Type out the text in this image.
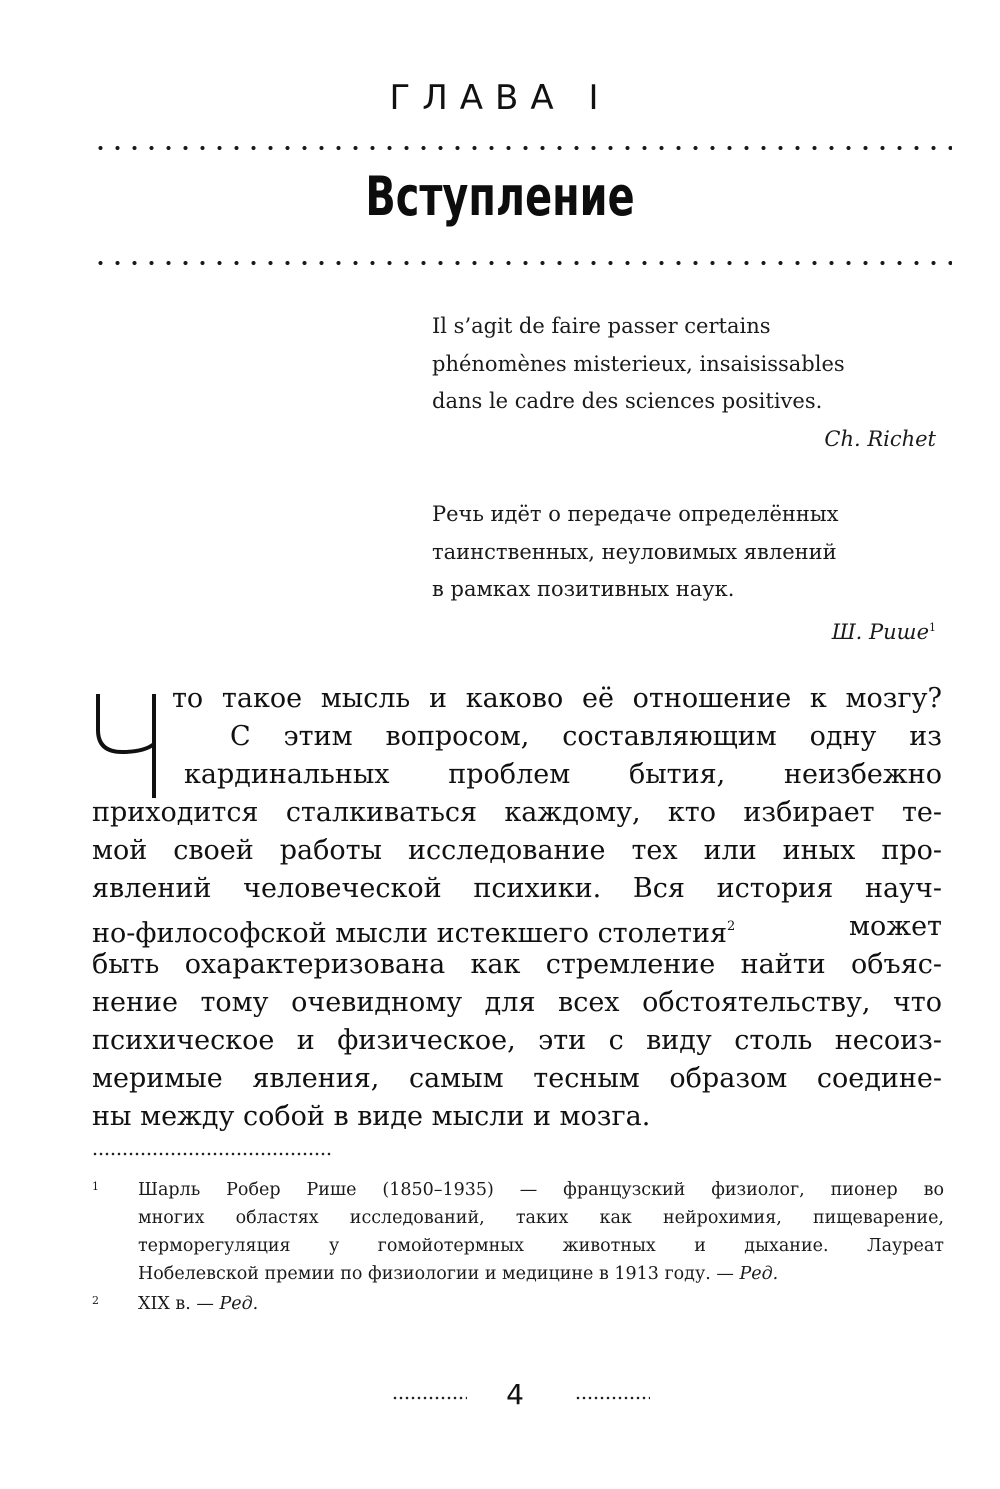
ГЛАВА I
Вступление
Il s’agit de faire passer certains
phénomènes misterieux, insaisissables
dans le cadre des sciences positives.
Ch. Richet
Речь идёт о передаче определённых
таинственных, неуловимых явлений
в рамках позитивных наук.
Ш. Рише$^1$
то такое мысль и каково её отношение к мозгу?
С этим вопросом, составляющим одну из
кардинальных проблем бытия, неизбежно
приходится сталкиваться каждому, кто избирает те-
мой своей работы исследование тех или иных про-
явлений человеческой психики. Вся история науч-
но-философской мысли истекшего столетия$^2$	может
быть охарактеризована как стремление найти объяс-
нение тому очевидному для всех обстоятельству, что
психическое и физическое, эти с виду столь несоиз-
меримые явления, самым тесным образом соедине-
ны между собой в виде мысли и мозга.
1 Шарль Робер Рише (1850–1935) — французский физиолог, пионер во
многих областях исследований, таких как нейрохимия, пищеварение,
терморегуляция у гомойотермных животных и дыхание. Лауреат
Нобелевской премии по физиологии и медицине в 1913 году. — Ред.
2 XIX в. — Ред.
4
